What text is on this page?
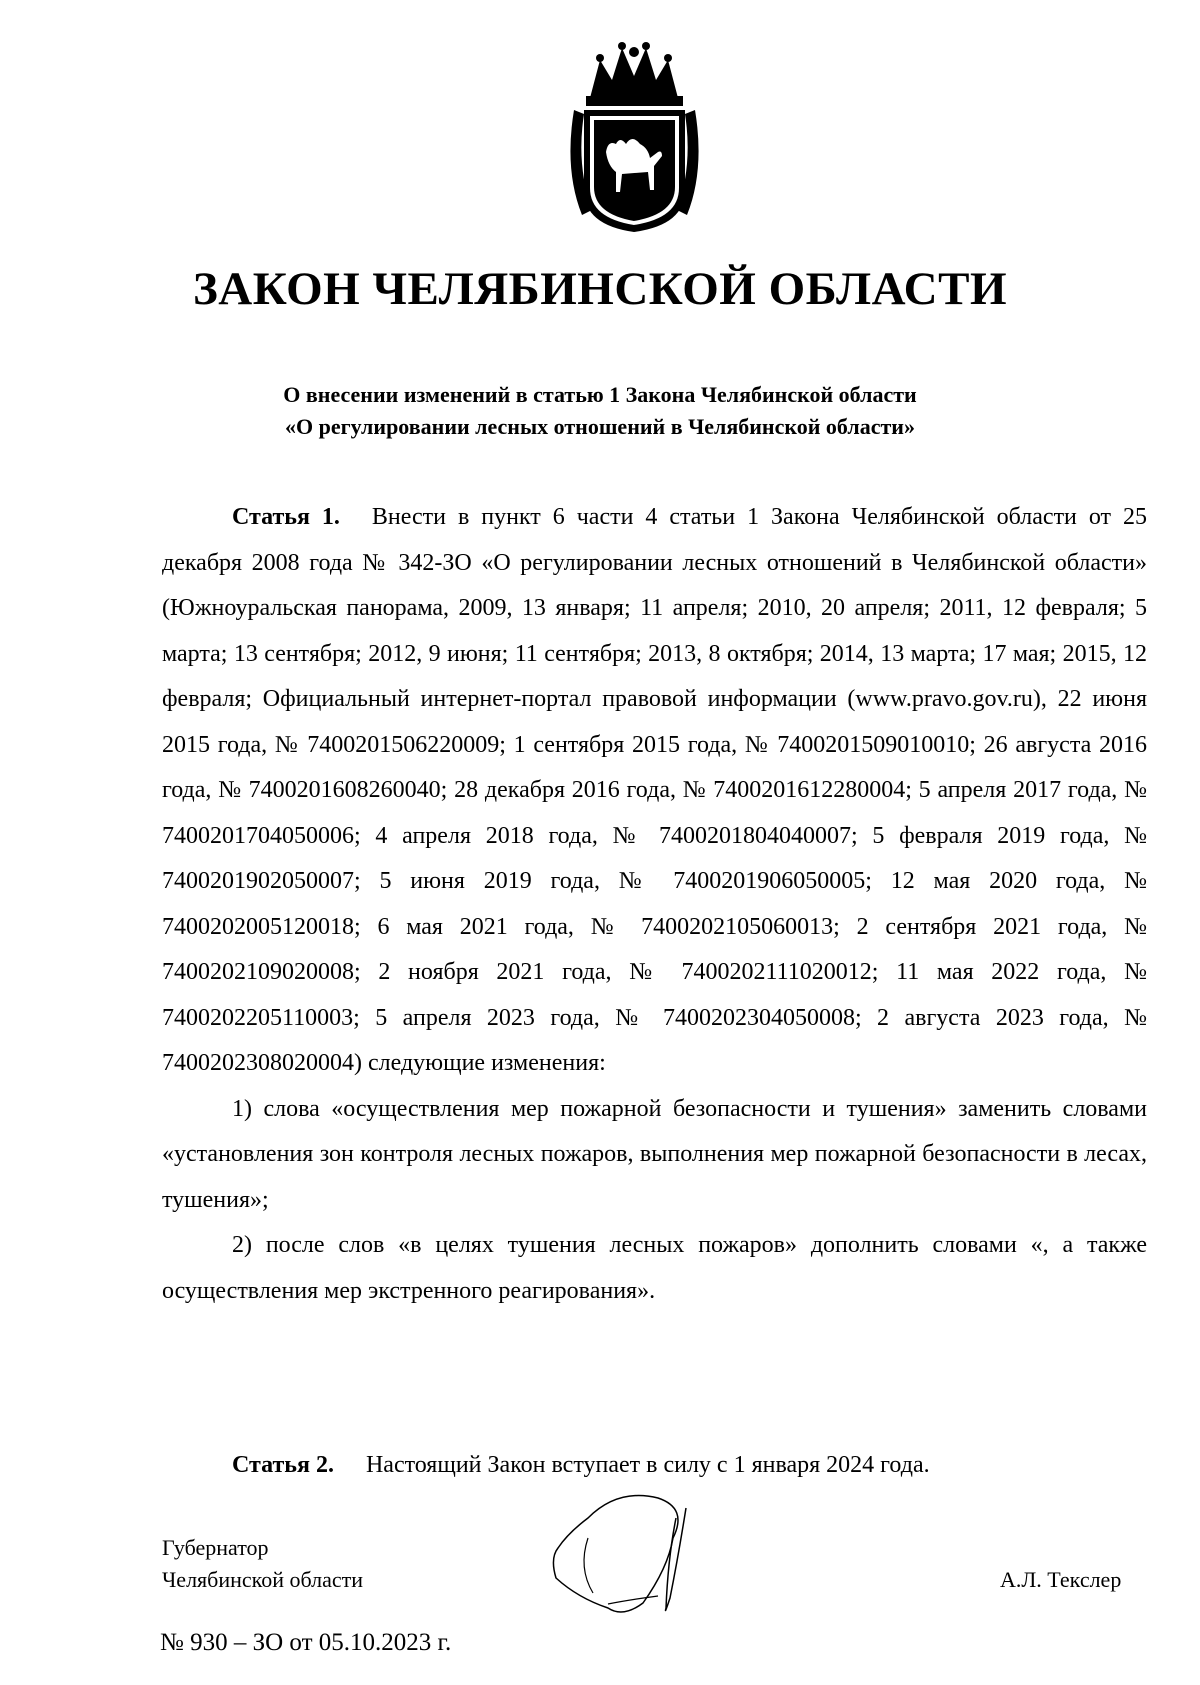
ЗАКОН ЧЕЛЯБИНСКОЙ ОБЛАСТИ
О внесении изменений в статью 1 Закона Челябинской области
«О регулировании лесных отношений в Челябинской области»

Статья 1. Внести в пункт 6 части 4 статьи 1 Закона Челябинской области от 25 декабря 2008 года № 342-ЗО «О регулировании лесных отношений в Челябинской области» (Южноуральская панорама, 2009, 13 января; 11 апреля; 2010, 20 апреля; 2011, 12 февраля; 5 марта; 13 сентября; 2012, 9 июня; 11 сентября; 2013, 8 октября; 2014, 13 марта; 17 мая; 2015, 12 февраля; Официальный интернет-портал правовой информации (www.pravo.gov.ru), 22 июня 2015 года, № 7400201506220009; 1 сентября 2015 года, № 7400201509010010; 26 августа 2016 года, № 7400201608260040; 28 декабря 2016 года, № 7400201612280004; 5 апреля 2017 года, № 7400201704050006; 4 апреля 2018 года, № 7400201804040007; 5 февраля 2019 года, № 7400201902050007; 5 июня 2019 года, № 7400201906050005; 12 мая 2020 года, № 7400202005120018; 6 мая 2021 года, № 7400202105060013; 2 сентября 2021 года, № 7400202109020008; 2 ноября 2021 года, № 7400202111020012; 11 мая 2022 года, № 7400202205110003; 5 апреля 2023 года, № 7400202304050008; 2 августа 2023 года, № 7400202308020004) следующие изменения:

1) слова «осуществления мер пожарной безопасности и тушения» заменить словами «установления зон контроля лесных пожаров, выполнения мер пожарной безопасности в лесах, тушения»;

2) после слов «в целях тушения лесных пожаров» дополнить словами «, а также осуществления мер экстренного реагирования».

Статья 2. Настоящий Закон вступает в силу с 1 января 2024 года.
Губернатор
Челябинской области	А.Л. Текслер
№ 930 – ЗО от 05.10.2023 г.
